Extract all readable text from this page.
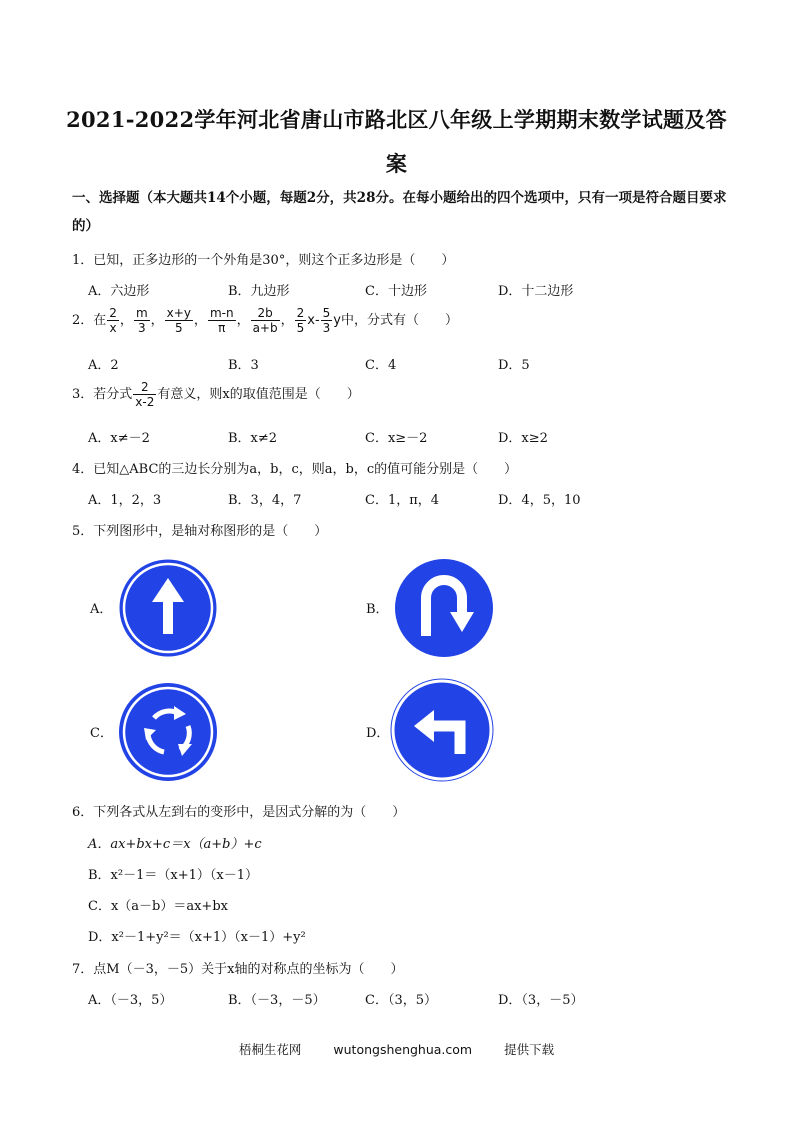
2021-2022学年河北省唐山市路北区八年级上学期期末数学试题及答案
一、选择题（本大题共14个小题，每题2分，共28分。在每小题给出的四个选项中，只有一项是符合题目要求的）
1．已知，正多边形的一个外角是30°，则这个正多边形是（　　）
A．六边形	B．九边形	C．十边形	D．十二边形
2．在 $\frac{2}{x}$ ， $\frac{m}{3}$ ， $\frac{x+y}{5}$ ， $\frac{m-n}{\pi}$ ， $\frac{2b}{a+b}$ ， $\frac{2}{5} x- \frac{5}{3}$ y中，分式有（　　）
A．2	B．3	C．4	D．5
3．若分式 $\frac{2}{x-2}$ 有意义，则x的取值范围是（　　）
A．x≠－2	B．x≠2	C．x≥－2	D．x≥2
4．已知△ABC的三边长分别为a，b，c，则a，b，c的值可能分别是（　　）
A．1，2，3	B．3，4，7	C．1，π，4	D．4，5，10
5．下列图形中，是轴对称图形的是（　　）
A．	B．
C．	D．
6．下列各式从左到右的变形中，是因式分解的为（　　）
A．ax+bx+c＝x（a+b）+c
B．x²－1＝（x+1）（x－1）
C．x（a－b）＝ax+bx
D．x²－1+y²＝（x+1）（x－1）+y²
7．点M（－3，－5）关于x轴的对称点的坐标为（　　）
A．（－3，5）	B．（－3，－5）	C．（3，5）	D．（3，－5）
梧桐生花网	wutongshenghua.com	提供下载
